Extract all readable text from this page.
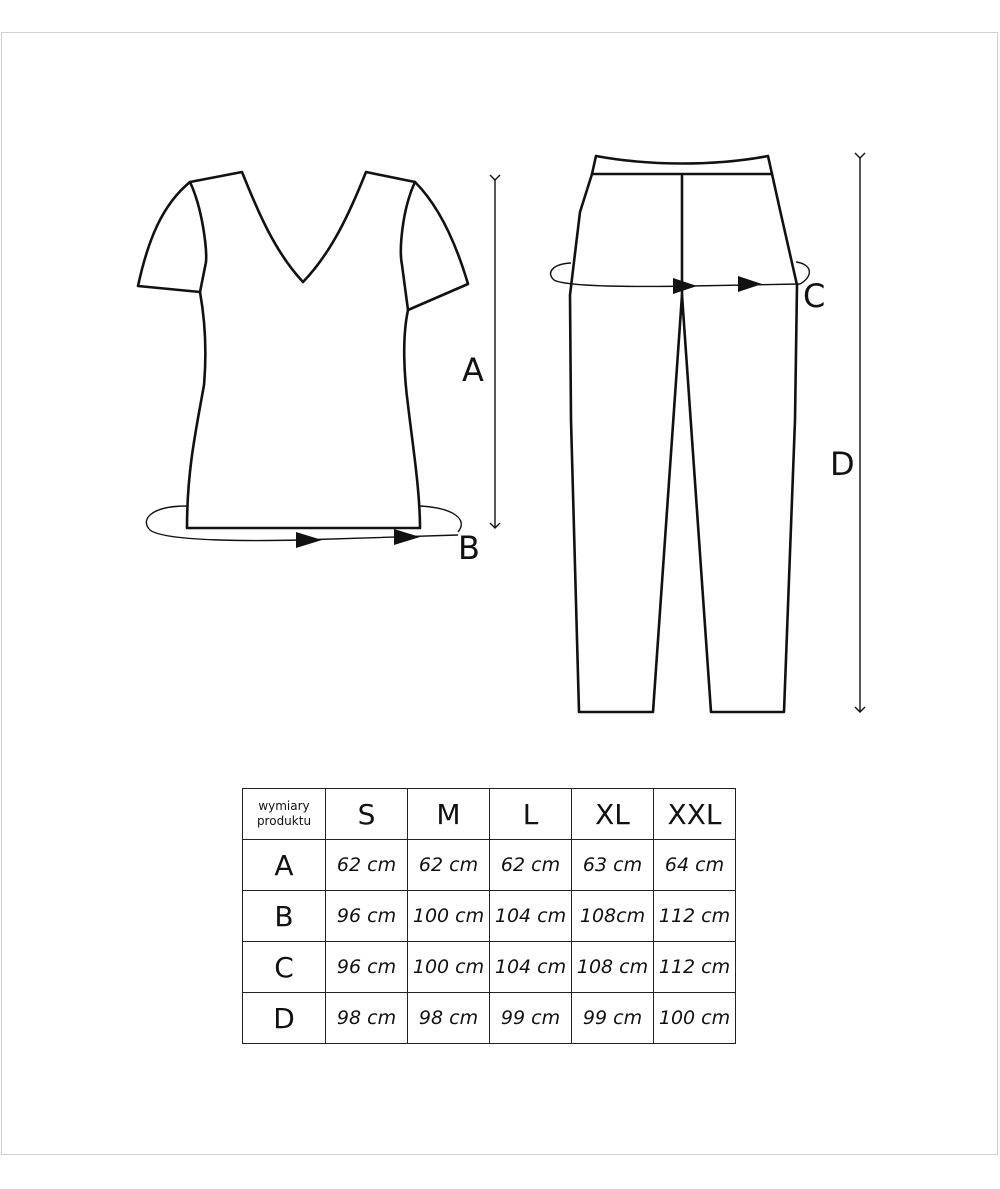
A
B
C
D
wymiary
produktu	S	M	L	XL	XXL
A	62 cm	62 cm	62 cm	63 cm	64 cm
B	96 cm	100 cm	104 cm	108cm	112 cm
C	96 cm	100 cm	104 cm	108 cm	112 cm
D	98 cm	98 cm	99 cm	99 cm	100 cm
